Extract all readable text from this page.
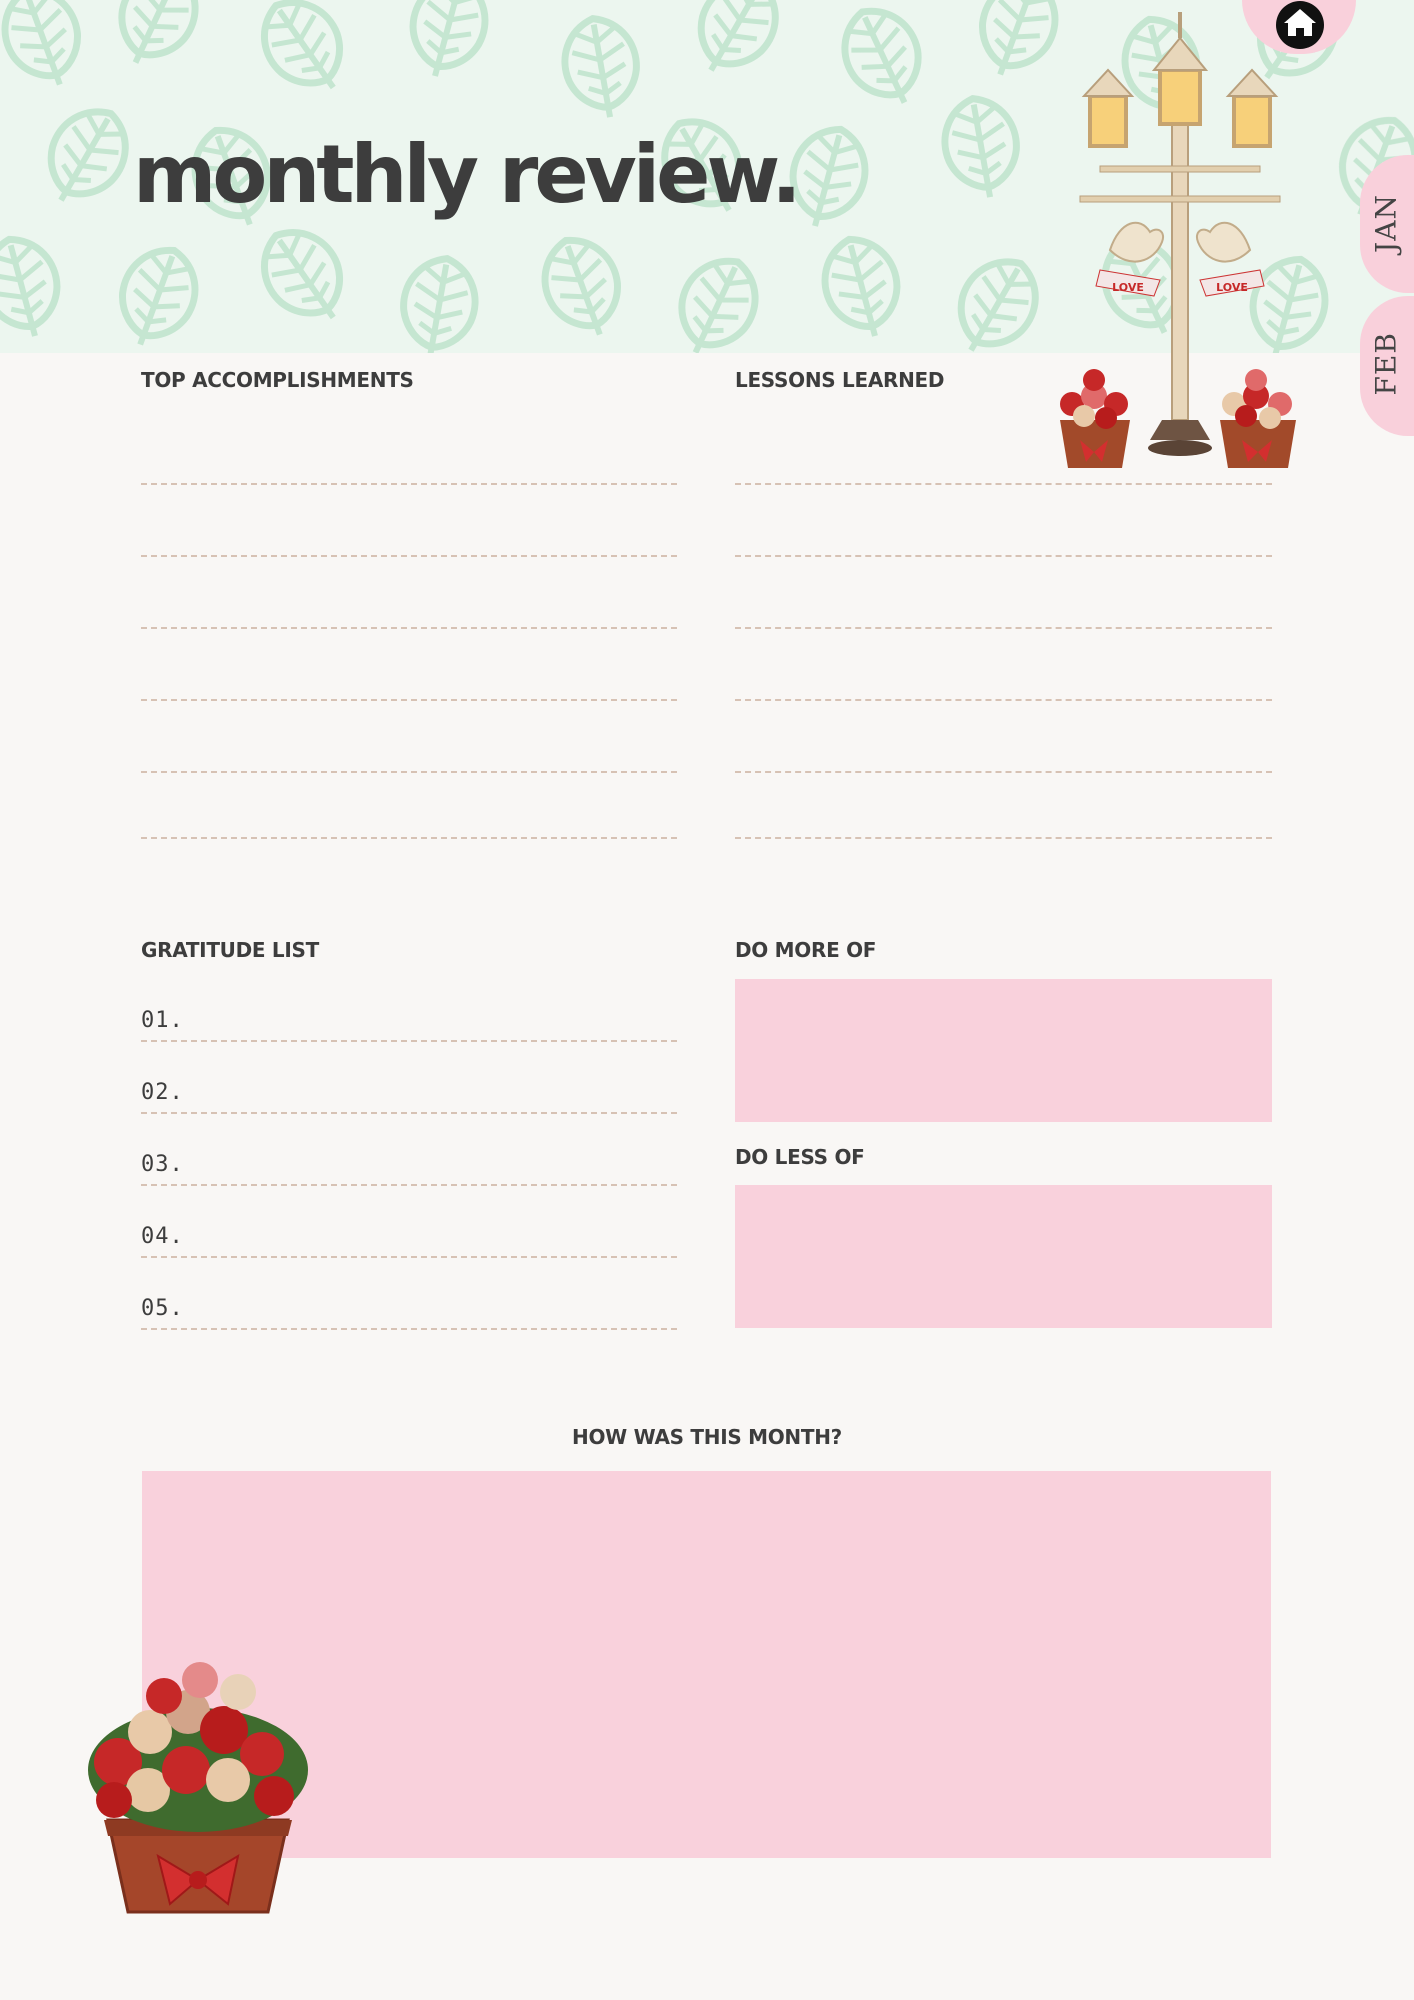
monthly review.
JAN
FEB
LOVE	LOVE

TOP ACCOMPLISHMENTS	LESSONS LEARNED

GRATITUDE LIST

01.

02.

03.

04.

05.

DO MORE OF

DO LESS OF

HOW WAS THIS MONTH?
